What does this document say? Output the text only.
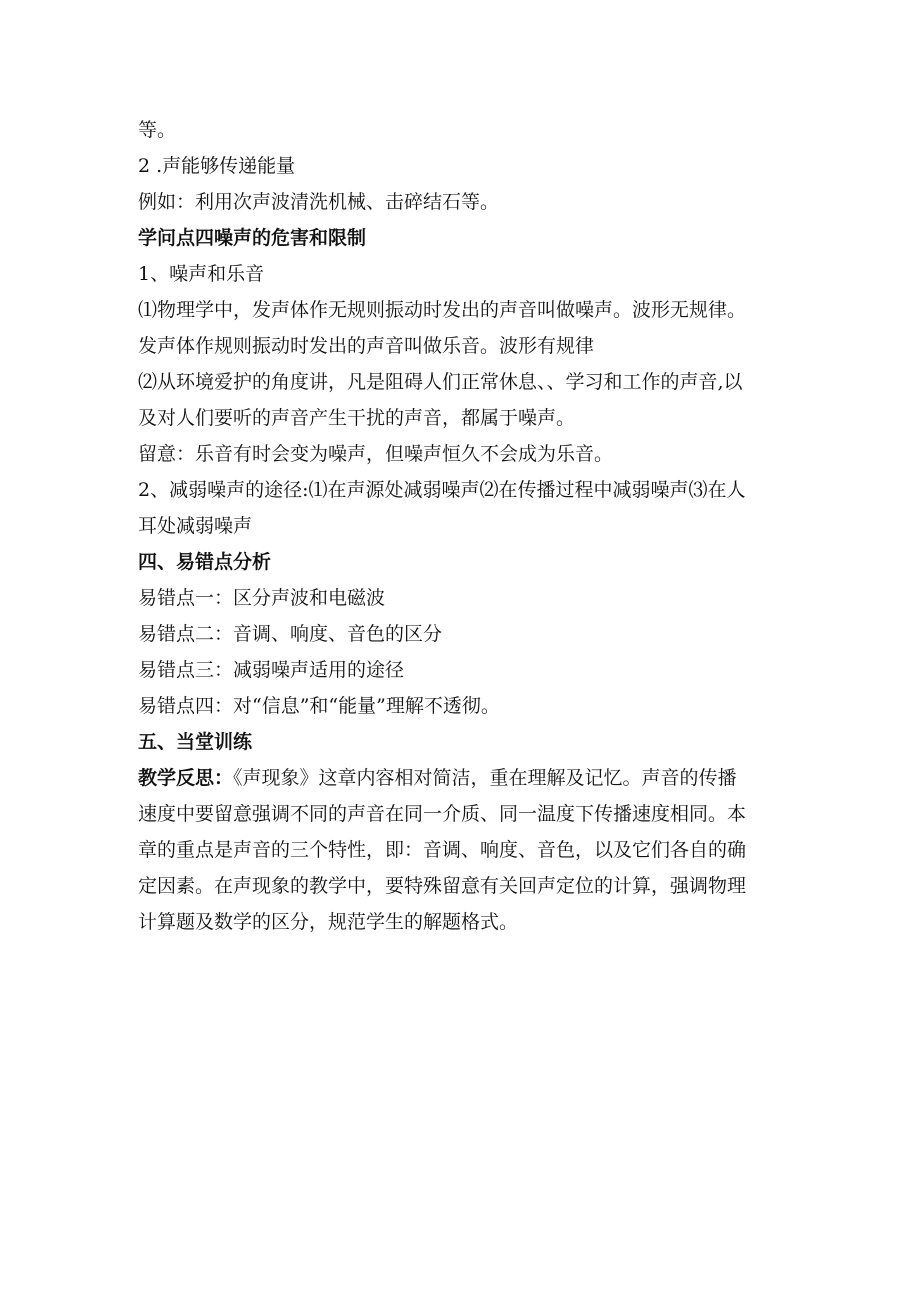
等。
2 .声能够传递能量
例如：利用次声波清洗机械、击碎结石等。
学问点四噪声的危害和限制
1、噪声和乐音
⑴物理学中，发声体作无规则振动时发出的声音叫做噪声。波形无规律。
发声体作规则振动时发出的声音叫做乐音。波形有规律
⑵从环境爱护的角度讲，凡是阻碍人们正常休息、、学习和工作的声音,以
及对人们要听的声音产生干扰的声音，都属于噪声。
留意：乐音有时会变为噪声，但噪声恒久不会成为乐音。
2、减弱噪声的途径:⑴在声源处减弱噪声⑵在传播过程中减弱噪声⑶在人
耳处减弱噪声
四、易错点分析
易错点一：区分声波和电磁波
易错点二：音调、响度、音色的区分
易错点三：减弱噪声适用的途径
易错点四：对“信息”和“能量”理解不透彻。
五、当堂训练
教学反思：《声现象》这章内容相对简洁，重在理解及记忆。声音的传播
速度中要留意强调不同的声音在同一介质、同一温度下传播速度相同。本
章的重点是声音的三个特性，即：音调、响度、音色，以及它们各自的确
定因素。在声现象的教学中，要特殊留意有关回声定位的计算，强调物理
计算题及数学的区分，规范学生的解题格式。
